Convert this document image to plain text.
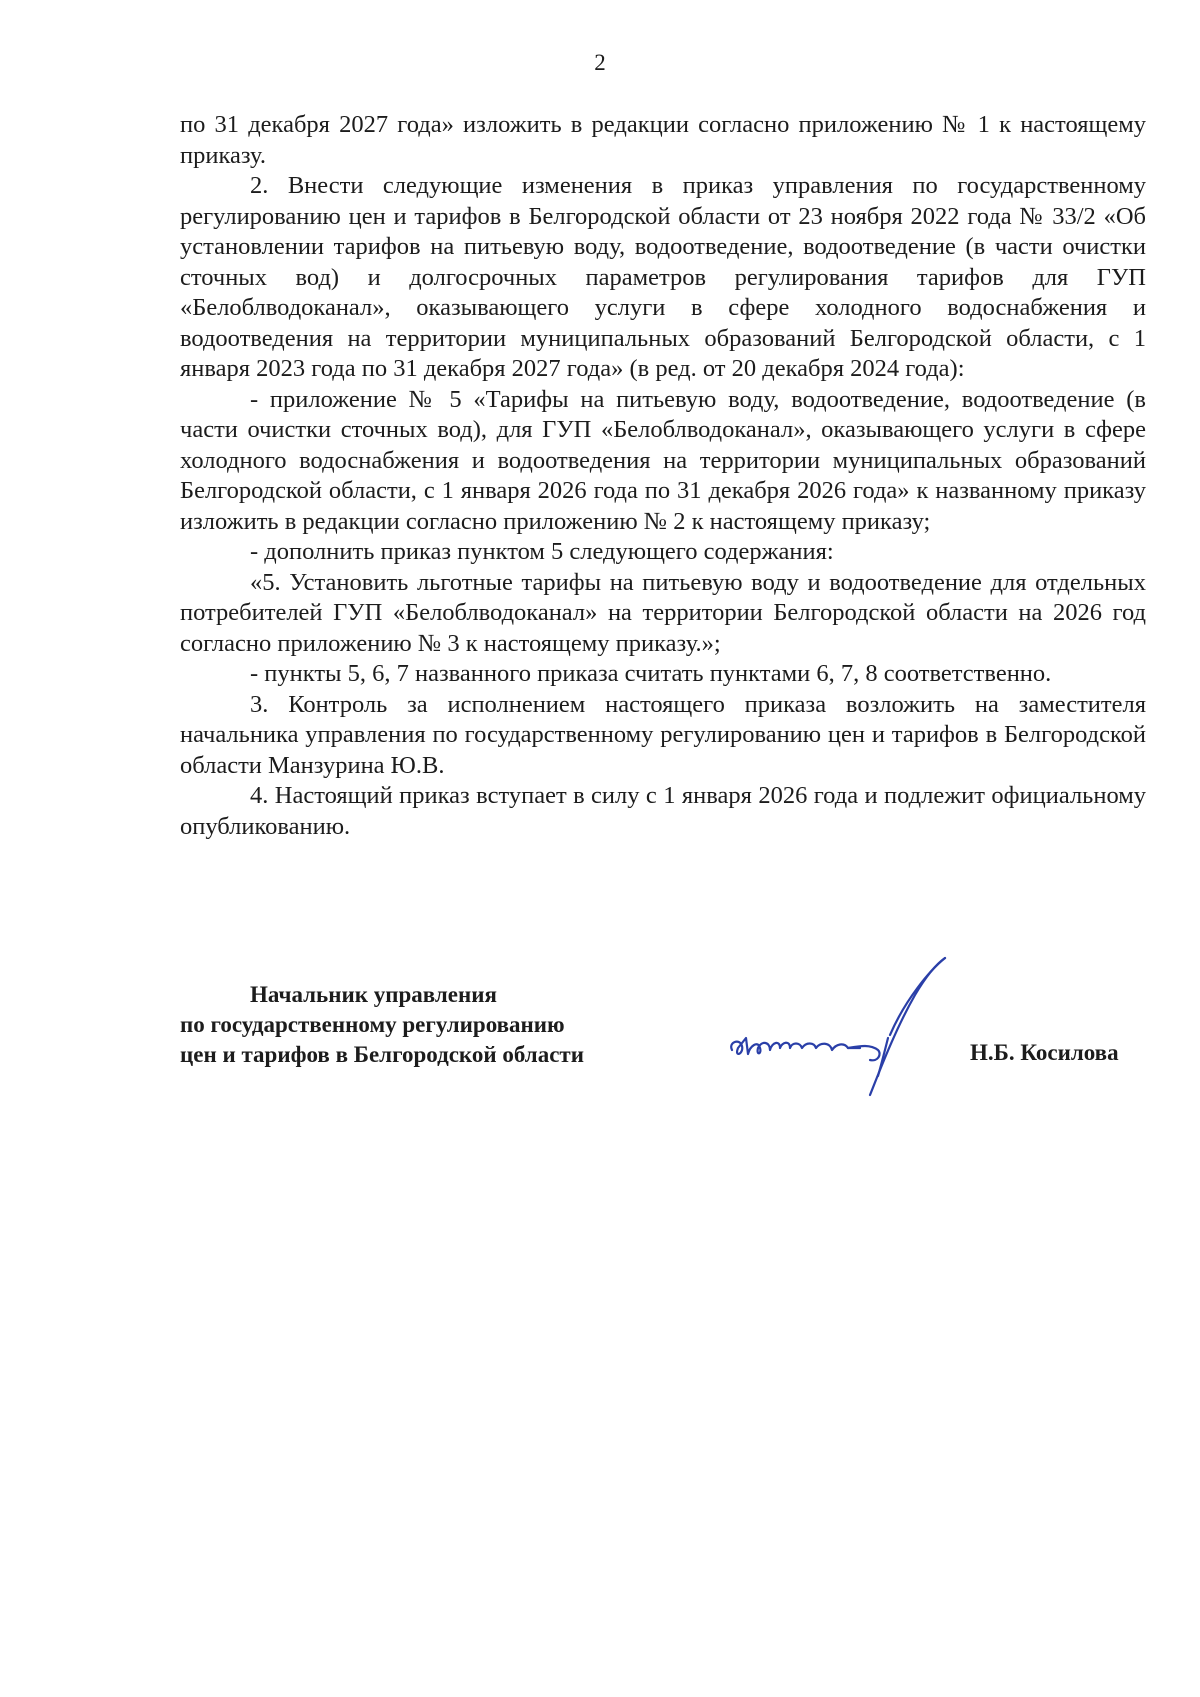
2

по 31 декабря 2027 года» изложить в редакции согласно приложению № 1 к настоящему приказу.

2. Внести следующие изменения в приказ управления по государственному регулированию цен и тарифов в Белгородской области от 23 ноября 2022 года № 33/2 «Об установлении тарифов на питьевую воду, водоотведение, водоотведение (в части очистки сточных вод) и долгосрочных параметров регулирования тарифов для ГУП «Белоблводоканал», оказывающего услуги в сфере холодного водоснабжения и водоотведения на территории муниципальных образований Белгородской области, с 1 января 2023 года по 31 декабря 2027 года» (в ред. от 20 декабря 2024 года):

- приложение № 5 «Тарифы на питьевую воду, водоотведение, водоотведение (в части очистки сточных вод), для ГУП «Белоблводоканал», оказывающего услуги в сфере холодного водоснабжения и водоотведения на территории муниципальных образований Белгородской области, с 1 января 2026 года по 31 декабря 2026 года» к названному приказу изложить в редакции согласно приложению № 2 к настоящему приказу;

- дополнить приказ пунктом 5 следующего содержания:

«5. Установить льготные тарифы на питьевую воду и водоотведение для отдельных потребителей ГУП «Белоблводоканал» на территории Белгородской области на 2026 год согласно приложению № 3 к настоящему приказу.»;

- пункты 5, 6, 7 названного приказа считать пунктами 6, 7, 8 соответственно.

3. Контроль за исполнением настоящего приказа возложить на заместителя начальника управления по государственному регулированию цен и тарифов в Белгородской области Манзурина Ю.В.

4. Настоящий приказ вступает в силу с 1 января 2026 года и подлежит официальному опубликованию.

Начальник управления
по государственному регулированию
цен и тарифов в Белгородской области	Н.Б. Косилова
